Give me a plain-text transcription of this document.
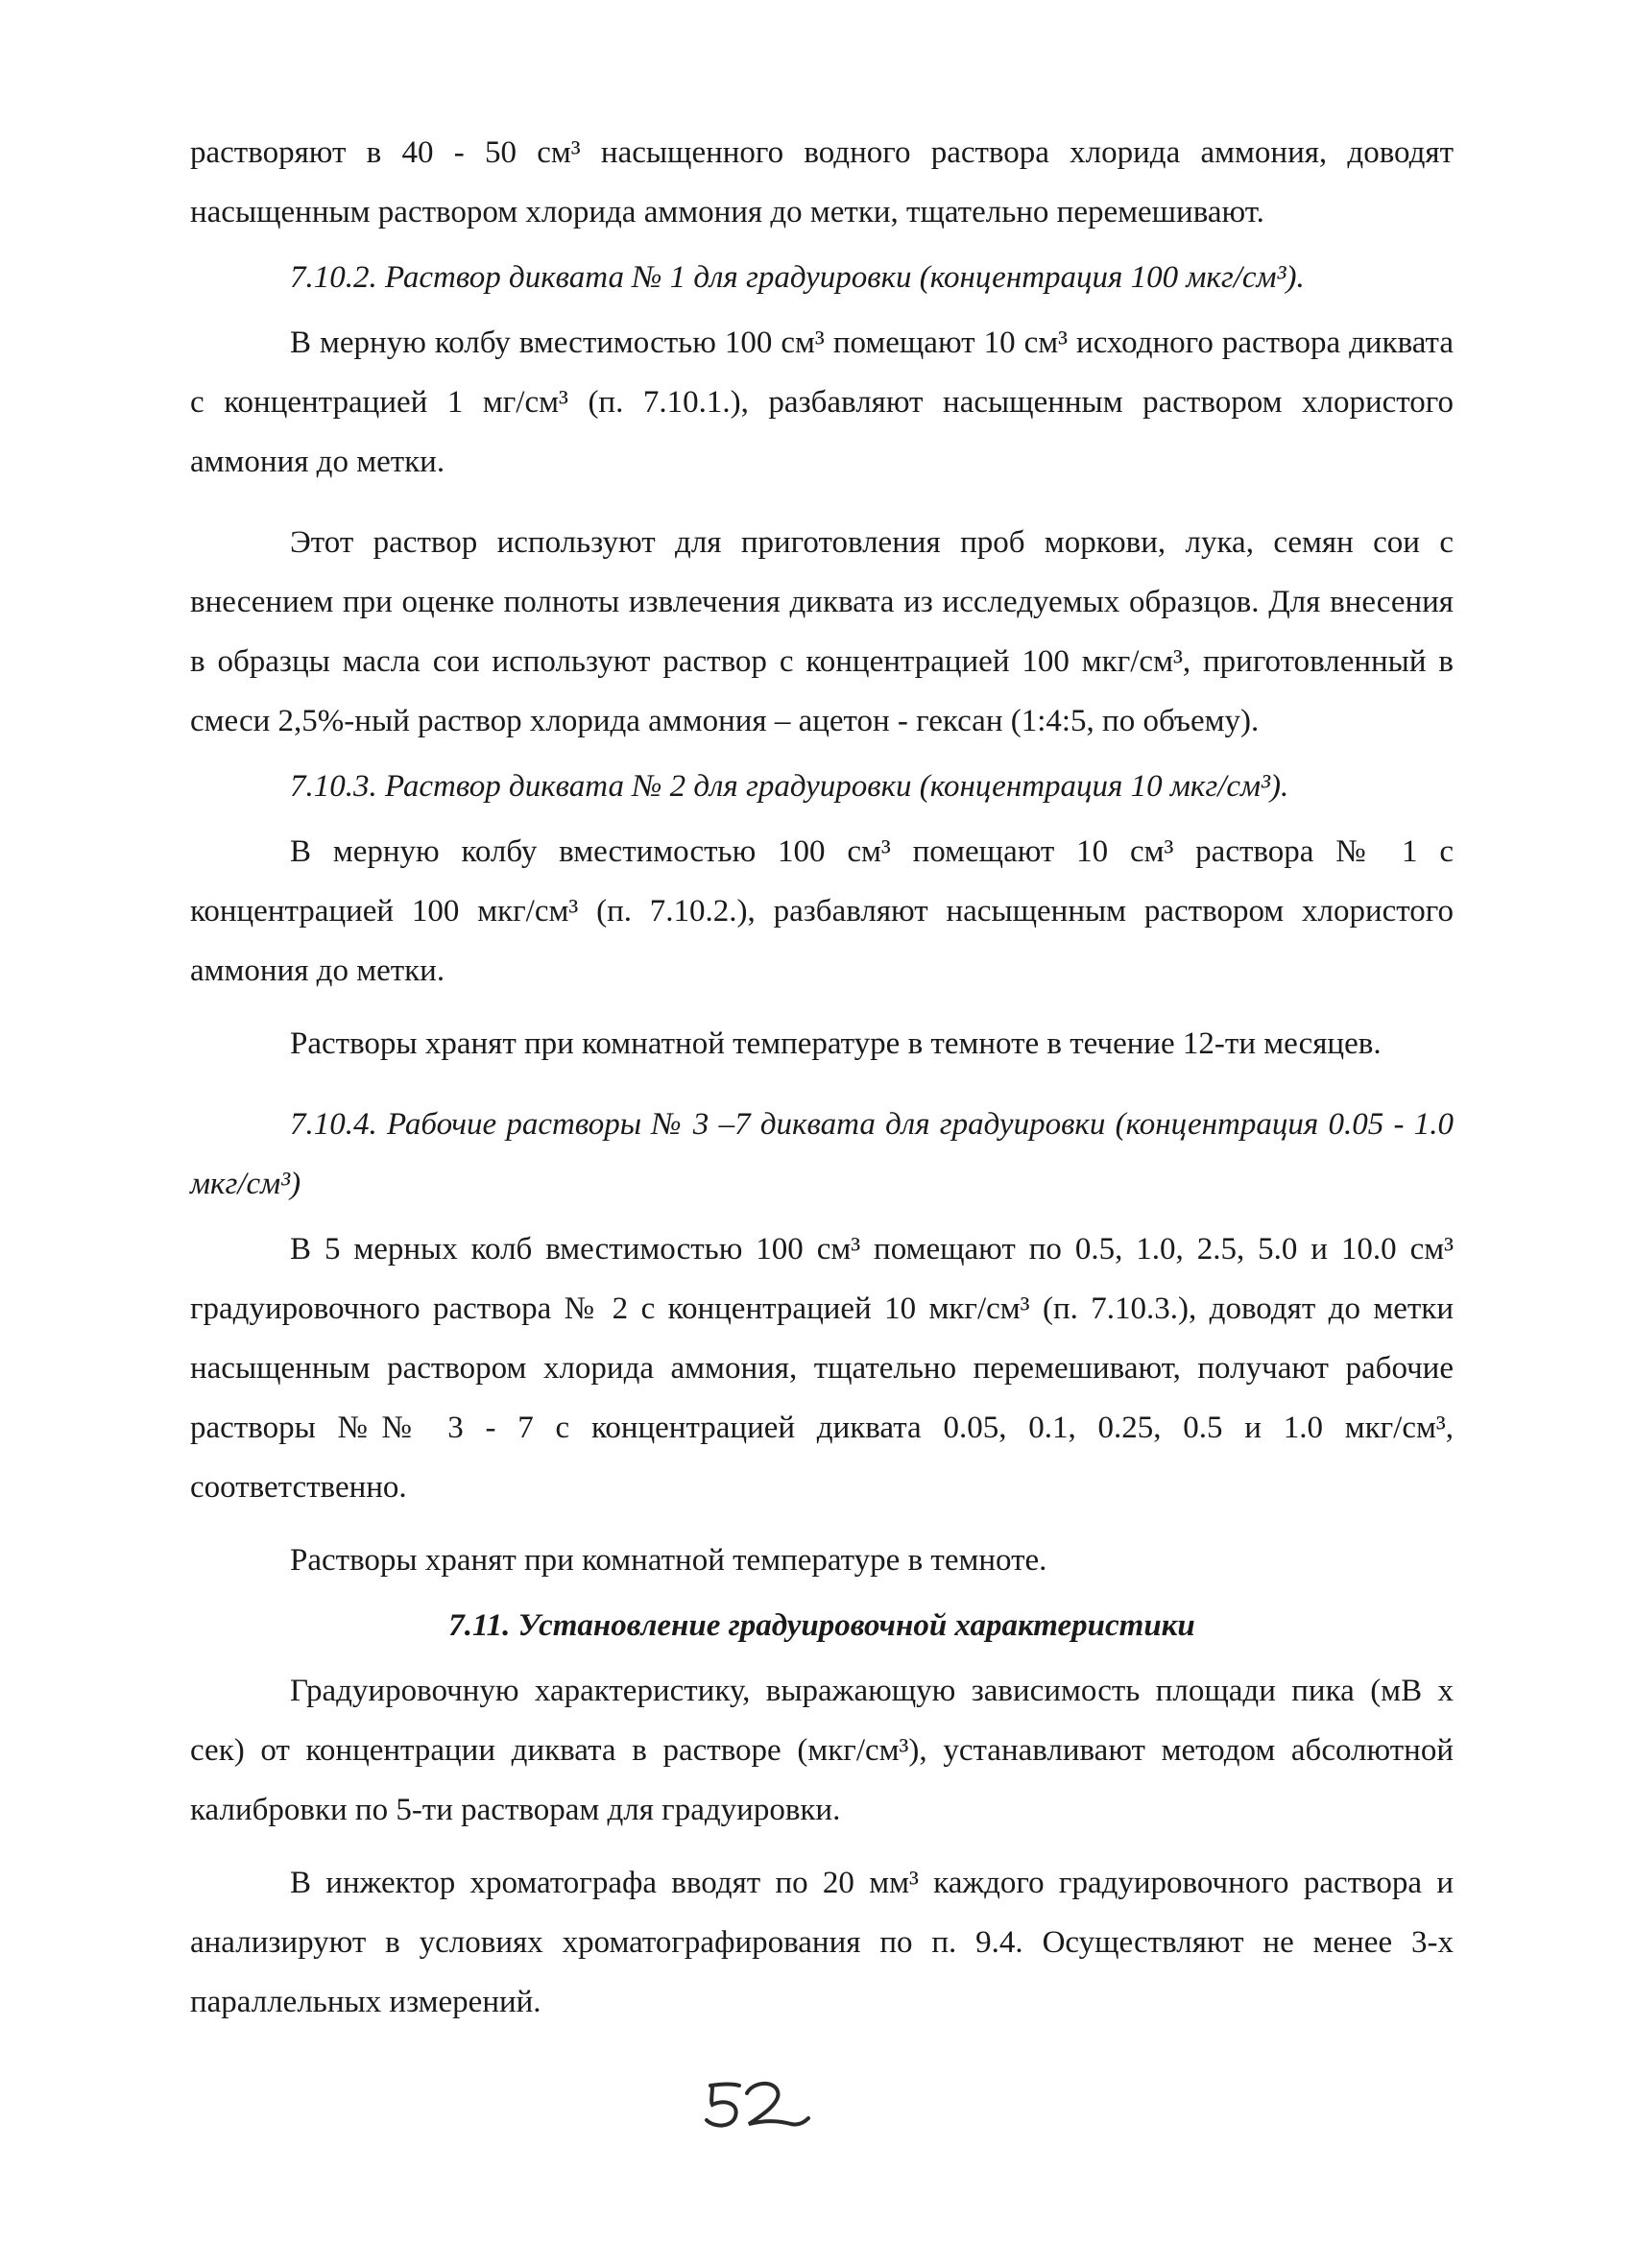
растворяют в 40 - 50 см³ насыщенного водного раствора хлорида аммония, доводят насыщенным раствором хлорида аммония до метки, тщательно перемешивают.

7.10.2. Раствор диквата № 1 для градуировки (концентрация 100 мкг/см³).

В мерную колбу вместимостью 100 см³ помещают 10 см³ исходного раствора диквата с концентрацией 1 мг/см³ (п. 7.10.1.), разбавляют насыщенным раствором хлористого аммония до метки.

Этот раствор используют для приготовления проб моркови, лука, семян сои с внесением при оценке полноты извлечения диквата из исследуемых образцов. Для внесения в образцы масла сои используют раствор с концентрацией 100 мкг/см³, приготовленный в смеси 2,5%-ный раствор хлорида аммония – ацетон - гексан (1:4:5, по объему).

7.10.3. Раствор диквата № 2 для градуировки (концентрация 10 мкг/см³).

В мерную колбу вместимостью 100 см³ помещают 10 см³ раствора № 1 с концентрацией 100 мкг/см³ (п. 7.10.2.), разбавляют насыщенным раствором хлористого аммония до метки.

Растворы хранят при комнатной температуре в темноте в течение 12-ти месяцев.

7.10.4. Рабочие растворы № 3 –7 диквата для градуировки (концентрация 0.05 - 1.0 мкг/см³)

В 5 мерных колб вместимостью 100 см³ помещают по 0.5, 1.0, 2.5, 5.0 и 10.0 см³ градуировочного раствора № 2 с концентрацией 10 мкг/см³ (п. 7.10.3.), доводят до метки насыщенным раствором хлорида аммония, тщательно перемешивают, получают рабочие растворы №№ 3 - 7 с концентрацией диквата 0.05, 0.1, 0.25, 0.5 и 1.0 мкг/см³, соответственно.

Растворы хранят при комнатной температуре в темноте.

7.11. Установление градуировочной характеристики

Градуировочную характеристику, выражающую зависимость площади пика (мВ х сек) от концентрации диквата в растворе (мкг/см³), устанавливают методом абсолютной калибровки по 5-ти растворам для градуировки.

В инжектор хроматографа вводят по 20 мм³ каждого градуировочного раствора и анализируют в условиях хроматографирования по п. 9.4. Осуществляют не менее 3-х параллельных измерений.
